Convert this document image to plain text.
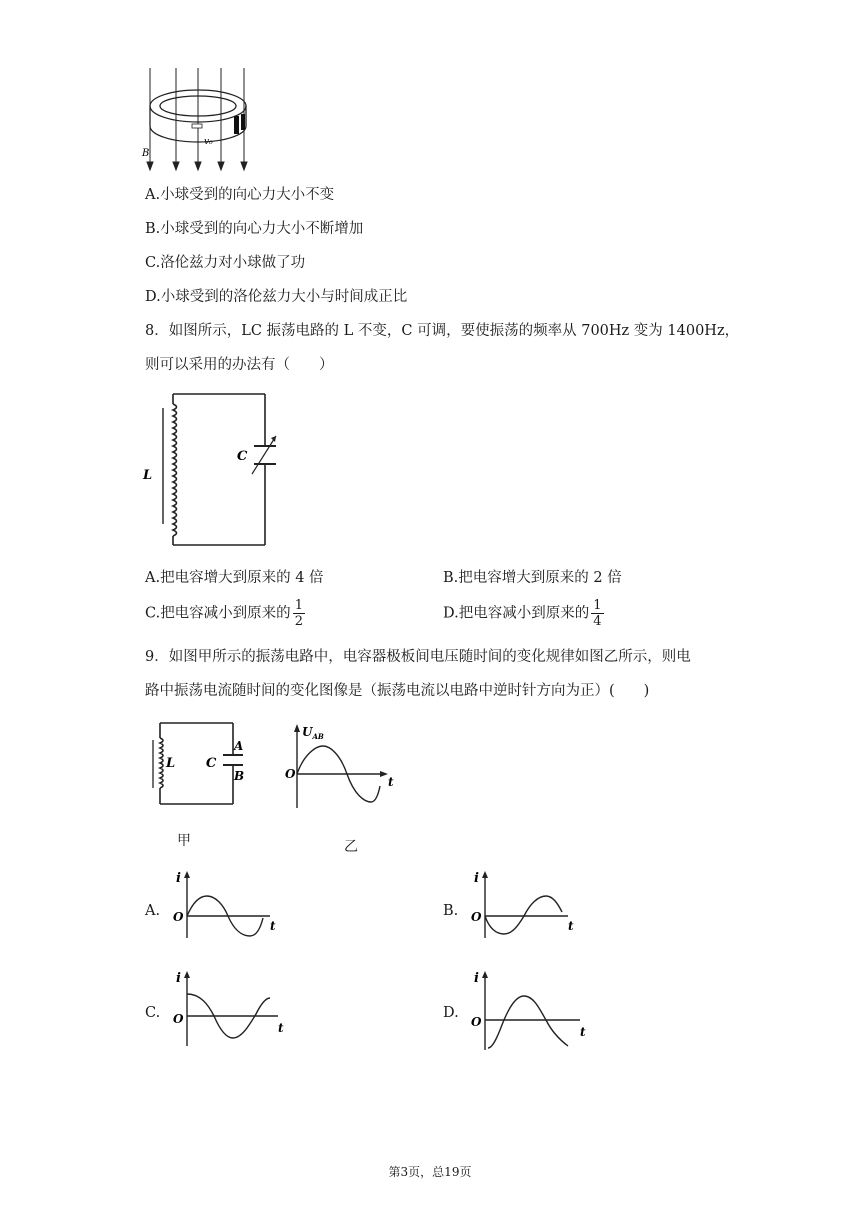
v₀
B
A.小球受到的向心力大小不变
B.小球受到的向心力大小不断增加
C.洛伦兹力对小球做了功
D.小球受到的洛伦兹力大小与时间成正比
8．如图所示，LC 振荡电路的 L 不变，C 可调，要使振荡的频率从 700Hz 变为 1400Hz，
则可以采用的办法有（　　）
C
L
A.把电容增大到原来的 4 倍	B.把电容增大到原来的 2 倍
C.把电容减小到原来的 $\frac{1}{2}$	D.把电容减小到原来的 $\frac{1}{4}$
9．如图甲所示的振荡电路中，电容器极板间电压随时间的变化规律如图乙所示，则电
路中振荡电流随时间的变化图像是（振荡电流以电路中逆时针方向为正）(　　)
L C
A
B
甲
$U_{AB}$
O
t
乙
A.
i
O
t
B.
i
O
t
C.
i
O
t
D.
i
O
t
第3页，总19页
